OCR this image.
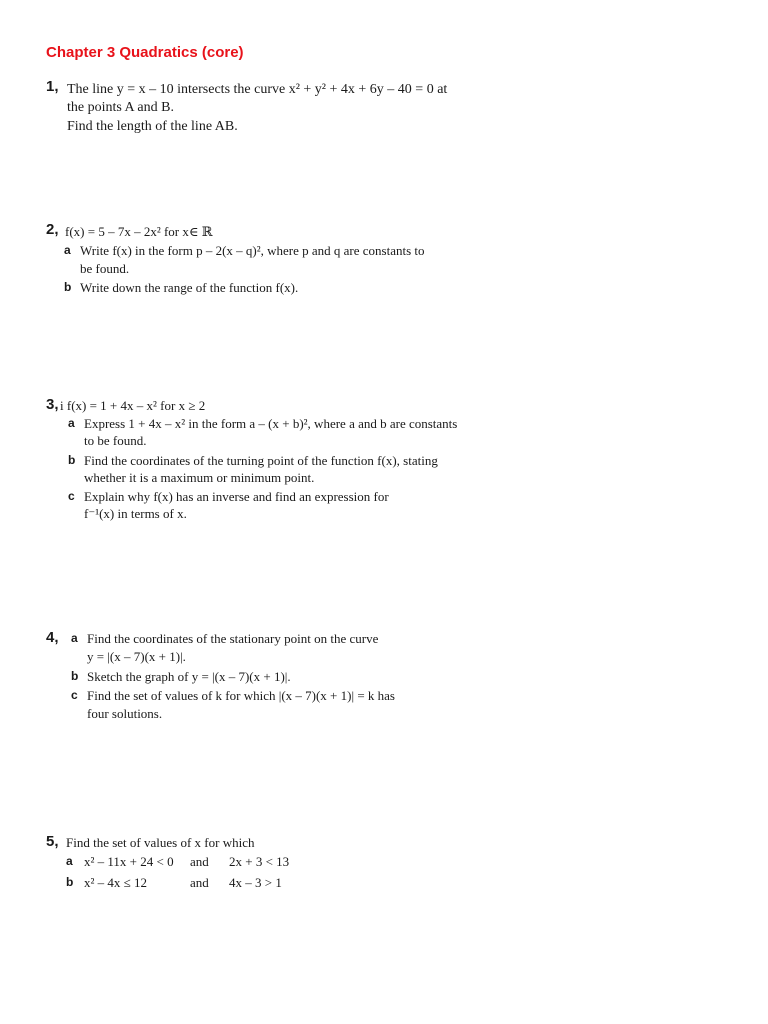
Chapter 3 Quadratics (core)
1, The line y = x – 10 intersects the curve x² + y² + 4x + 6y – 40 = 0 at
the points A and B.
Find the length of the line AB.
2, f(x) = 5 – 7x – 2x² for x∈ ℝ
a Write f(x) in the form p – 2(x – q)², where p and q are constants to
be found.
b Write down the range of the function f(x).
3, i f(x) = 1 + 4x – x² for x ≥ 2
a Express 1 + 4x – x² in the form a – (x + b)², where a and b are constants
to be found.
b Find the coordinates of the turning point of the function f(x), stating
whether it is a maximum or minimum point.
c Explain why f(x) has an inverse and find an expression for
f⁻¹(x) in terms of x.
4, a Find the coordinates of the stationary point on the curve
y = |(x – 7)(x + 1)|.
b Sketch the graph of y = |(x – 7)(x + 1)|.
c Find the set of values of k for which |(x – 7)(x + 1)| = k has
four solutions.
5, Find the set of values of x for which
a x² – 11x + 24 < 0 and 2x + 3 < 13
b x² – 4x ≤ 12	and 4x – 3 > 1
